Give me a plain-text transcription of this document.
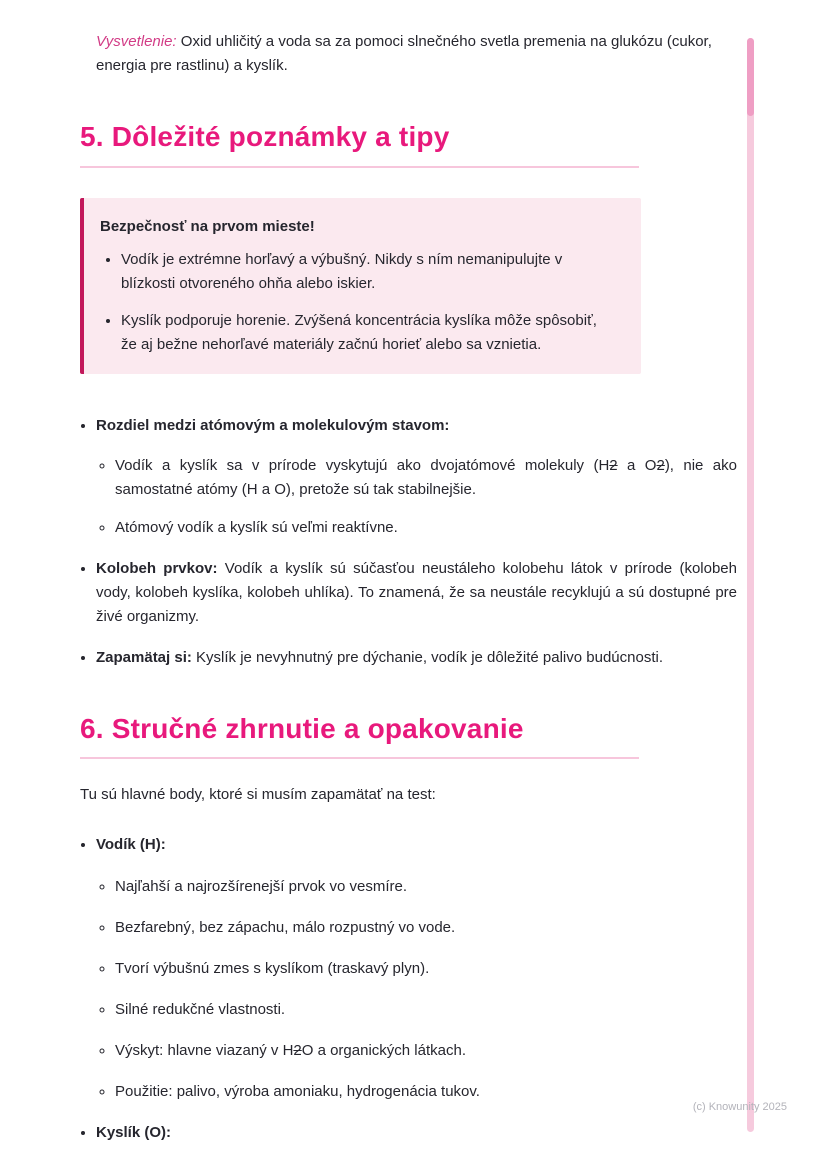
Vysvetlenie: Oxid uhličitý a voda sa za pomoci slnečného svetla premenia na glukózu (cukor, energia pre rastlinu) a kyslík.

5. Dôležité poznámky a tipy

Bezpečnosť na prvom mieste!

• Vodík je extrémne horľavý a výbušný. Nikdy s ním nemanipulujte v blízkosti otvoreného ohňa alebo iskier.
• Kyslík podporuje horenie. Zvýšená koncentrácia kyslíka môže spôsobiť, že aj bežne nehorľavé materiály začnú horieť alebo sa vznietia.
• Rozdiel medzi atómovým a molekulovým stavom:
◦ Vodík a kyslík sa v prírode vyskytujú ako dvojatómové molekuly (H2 a O2), nie ako samostatné atómy (H a O), pretože sú tak stabilnejšie.
◦ Atómový vodík a kyslík sú veľmi reaktívne.
• Kolobeh prvkov: Vodík a kyslík sú súčasťou neustáleho kolobehu látok v prírode (kolobeh vody, kolobeh kyslíka, kolobeh uhlíka). To znamená, že sa neustále recyklujú a sú dostupné pre živé organizmy.
• Zapamätaj si: Kyslík je nevyhnutný pre dýchanie, vodík je dôležité palivo budúcnosti.
6. Stručné zhrnutie a opakovanie

Tu sú hlavné body, ktoré si musím zapamätať na test:

• Vodík (H):
◦ Najľahší a najrozšírenejší prvok vo vesmíre.
◦ Bezfarebný, bez zápachu, málo rozpustný vo vode.
◦ Tvorí výbušnú zmes s kyslíkom (traskavý plyn).
◦ Silné redukčné vlastnosti.
◦ Výskyt: hlavne viazaný v H2O a organických látkach.
◦ Použitie: palivo, výroba amoniaku, hydrogenácia tukov.
• Kyslík (O):
(c) Knowunity 2025
